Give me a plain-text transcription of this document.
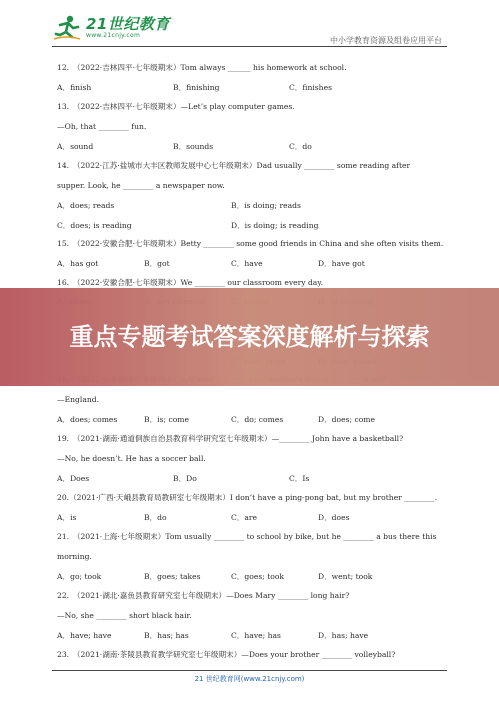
21世纪教育
www.21cnjy.com
中小学教育资源及组卷应用平台
12.　（2022·吉林四平·七年级期末）Tom always ______ his homework at school.
A．finish	B．finishing	C．finishes
13.　（2022·吉林四平·七年级期末）—Let’s play computer games.
—Oh, that ________ fun.
A．sound	B．sounds	C．do
14.　（2022·江苏·盐城市大丰区教师发展中心七年级期末）Dad usually ________ some reading after
supper. Look, he ________ a newspaper now.
A．does; reads	B．is doing; reads
C．does; is reading	D．is doing; is reading
15.　（2022·安徽合肥·七年级期末）Betty ________ some good friends in China and she often visits them.
A．has got	B．got	C．have	D．have got
16.　（2022·安徽合肥·七年级期末）We ________ our classroom every day.
—England.
A．does; comes	B．is; come	C．do; comes	D．does; come
19.　（2021·湖南·通道侗族自治县教育科学研究室七年级期末）—________ John have a basketball?
—No, he doesn’t. He has a soccer ball.
A．Does	B．Do	C．Is
20.（2021·广西·天峨县教育局教研室七年级期末）I don’t have a ping-pong bat, but my brother ________.
A．is	B．do	C．are	D．does
21.　（2021·上海·七年级期末）Tom usually ________ to school by bike, but he ________ a bus there this
morning.
A．go; took	B．goes; takes	C．goes; took	D．went; took
22.　（2021·湖北·嘉鱼县教育研究室七年级期末）—Does Mary ________ long hair?
—No, she ________ short black hair.
A．have; have	B．has; has	C．have; has	D．has; have
23.　（2021·湖南·茶陵县教育教学研究室七年级期末）—Does your brother ________ volleyball?
重点专题考试答案深度解析与探索
21 世纪教育网(www.21cnjy.com)
